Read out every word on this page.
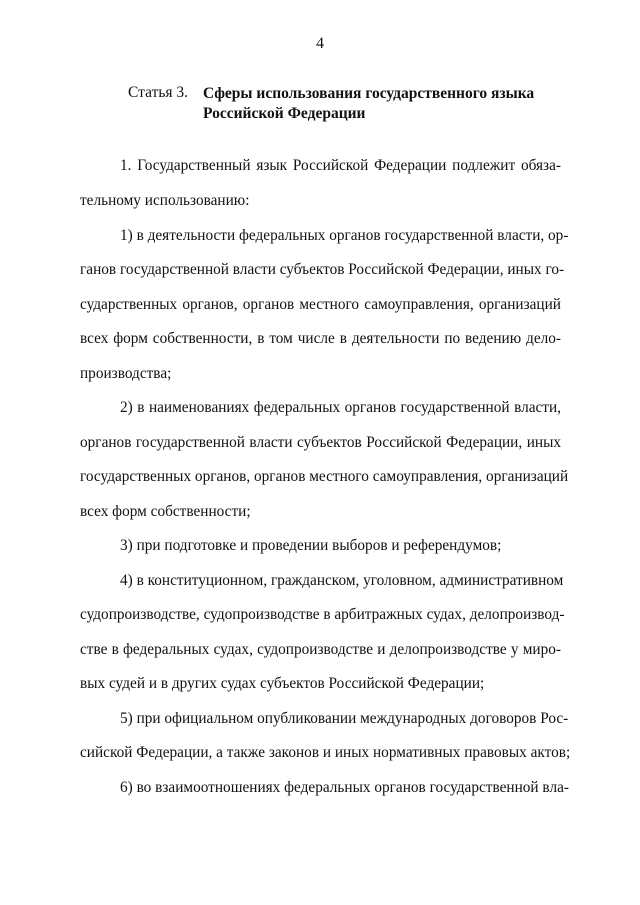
4
Статья 3. Сферы использования государственного языка Российской Федерации
1. Государственный язык Российской Федерации подлежит обяза-
тельному использованию:
1) в деятельности федеральных органов государственной власти, ор-
ганов государственной власти субъектов Российской Федерации, иных го-
сударственных органов, органов местного самоуправления, организаций
всех форм собственности, в том числе в деятельности по ведению дело-
производства;
2) в наименованиях федеральных органов государственной власти,
органов государственной власти субъектов Российской Федерации, иных
государственных органов, органов местного самоуправления, организаций
всех форм собственности;
3) при подготовке и проведении выборов и референдумов;
4) в конституционном, гражданском, уголовном, административном
судопроизводстве, судопроизводстве в арбитражных судах, делопроизвод-
стве в федеральных судах, судопроизводстве и делопроизводстве у миро-
вых судей и в других судах субъектов Российской Федерации;
5) при официальном опубликовании международных договоров Рос-
сийской Федерации, а также законов и иных нормативных правовых актов;
6) во взаимоотношениях федеральных органов государственной вла-
